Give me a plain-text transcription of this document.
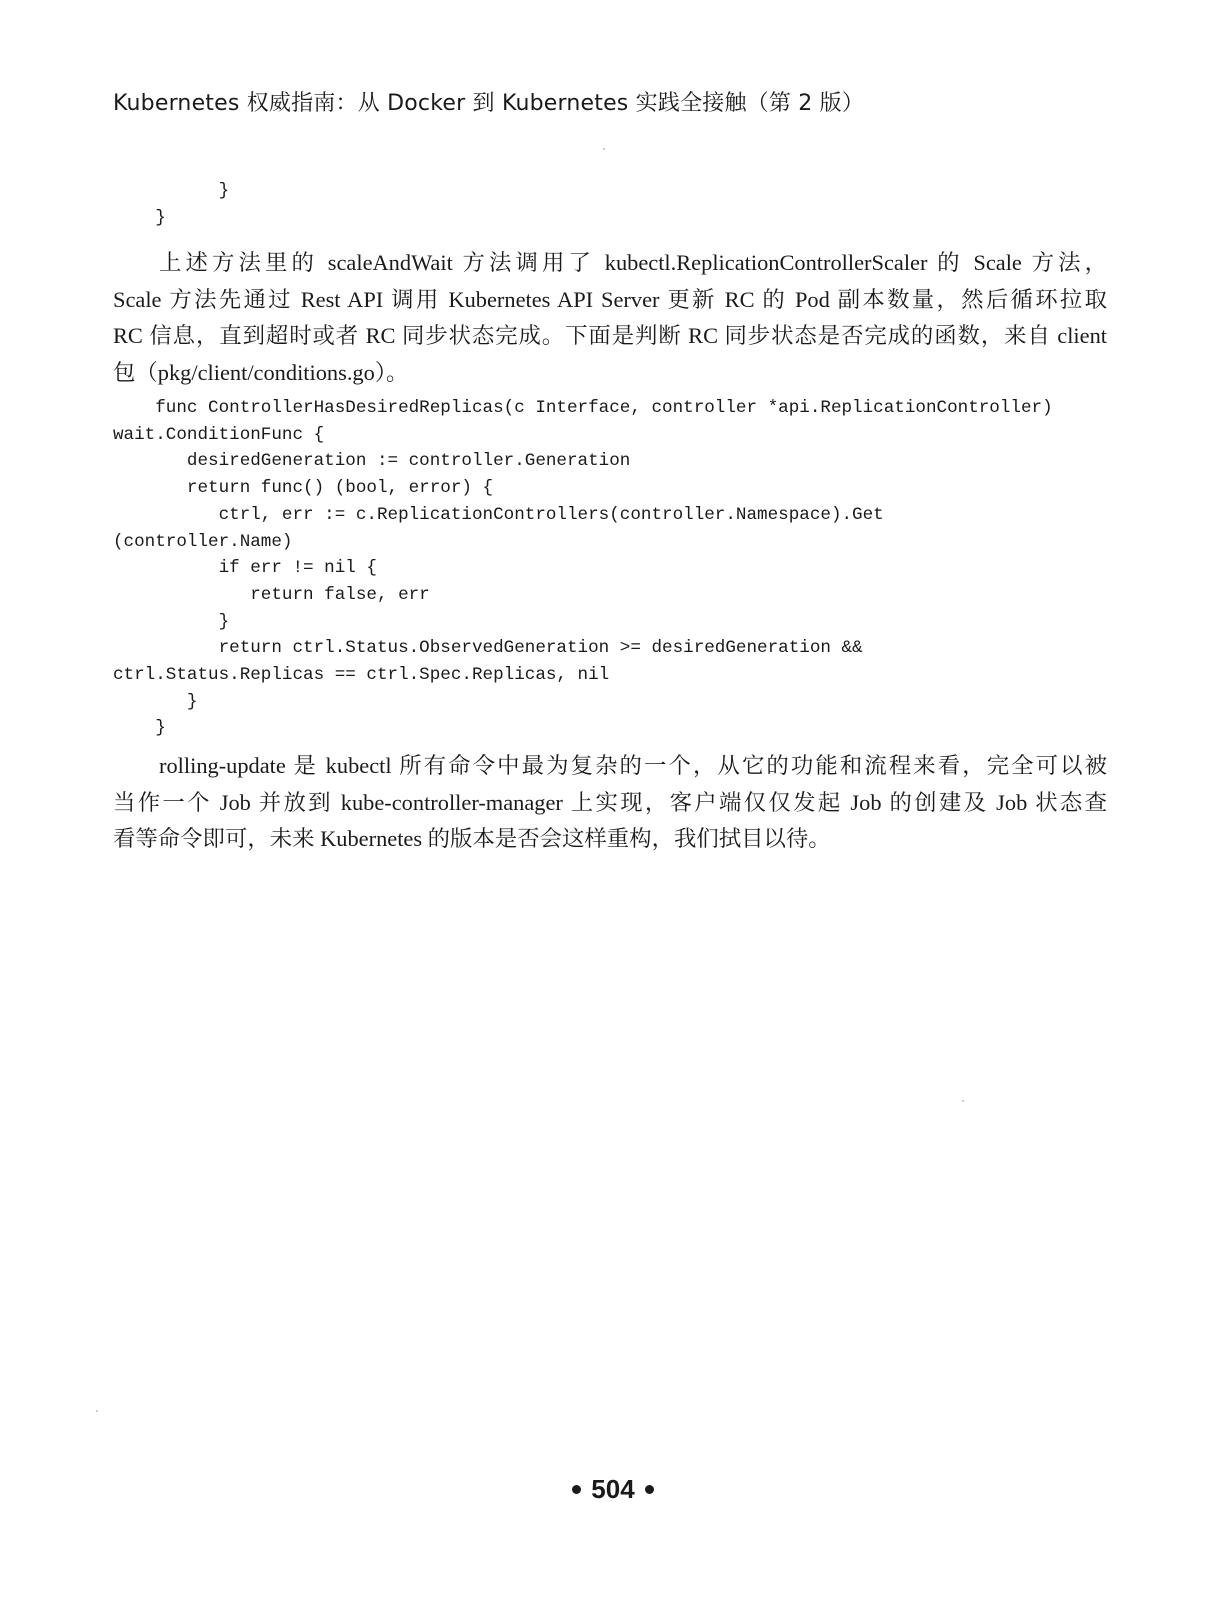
Kubernetes 权威指南：从 Docker 到 Kubernetes 实践全接触（第 2 版）
}
}
上述方法里的 scaleAndWait 方法调用了 kubectl.ReplicationControllerScaler 的 Scale 方法，
Scale 方法先通过 Rest API 调用 Kubernetes API Server 更新 RC 的 Pod 副本数量，然后循环拉取
RC 信息，直到超时或者 RC 同步状态完成。下面是判断 RC 同步状态是否完成的函数，来自 client
包（pkg/client/conditions.go）。
func ControllerHasDesiredReplicas(c Interface, controller *api.ReplicationController)
wait.ConditionFunc {
desiredGeneration := controller.Generation
return func() (bool, error) {
ctrl, err := c.ReplicationControllers(controller.Namespace).Get
(controller.Name)
if err != nil {
return false, err
}
return ctrl.Status.ObservedGeneration >= desiredGeneration &&
ctrl.Status.Replicas == ctrl.Spec.Replicas, nil
}
}
rolling-update 是 kubectl 所有命令中最为复杂的一个，从它的功能和流程来看，完全可以被
当作一个 Job 并放到 kube-controller-manager 上实现，客户端仅仅发起 Job 的创建及 Job 状态查
看等命令即可，未来 Kubernetes 的版本是否会这样重构，我们拭目以待。
504
